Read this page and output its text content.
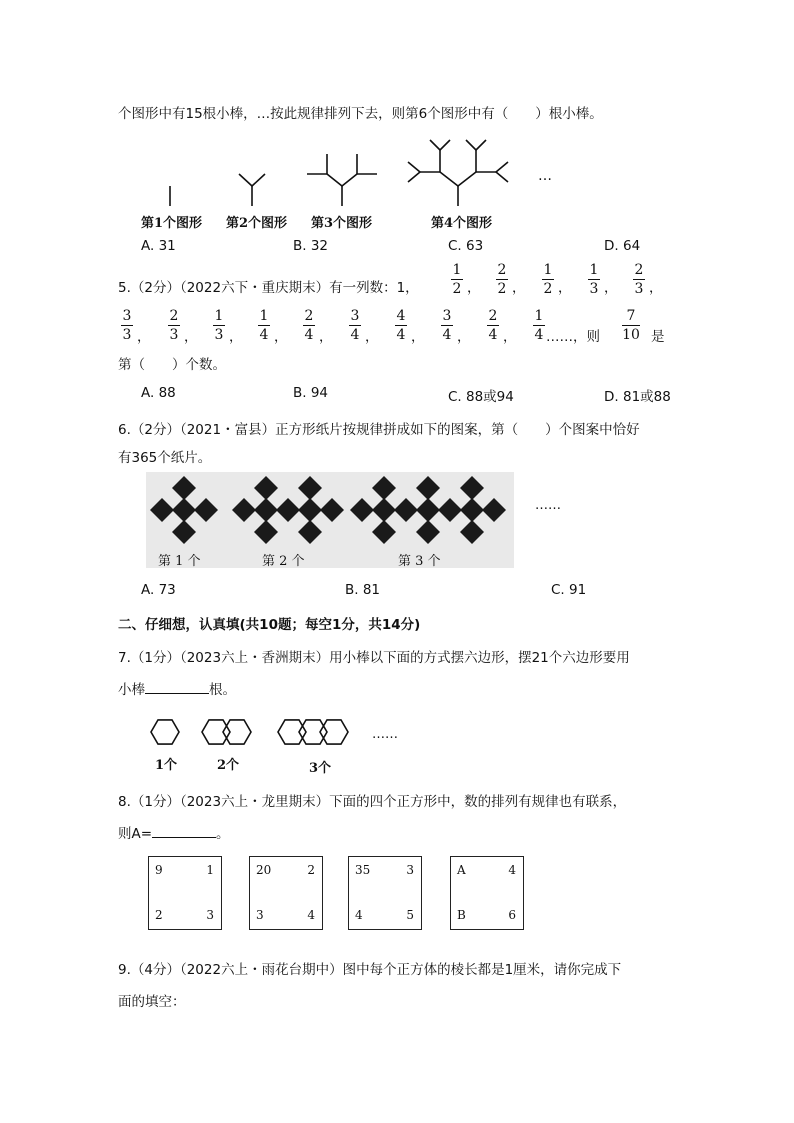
个图形中有15根小棒，…按此规律排列下去，则第6个图形中有（　　）根小棒。
…
第1个图形 第2个图形 第3个图形	第4个图形
A. 31	B. 32	C. 63	D. 64
5.（2分）（2022六下・重庆期末）有一列数：1，
1
2 ，
2
2 ，
1
2 ，
1
3 ，
2
3 ，
3
3 ，
2
3 ，
1
3 ，
1
4 ，
2
4 ，
3
4 ，
4
4 ，
3
4 ，
2
4 ，
1
4 ……，则
7
10 是
第（　　）个数。
A. 88	B. 94	C. 88或94	D. 81或88
6.（2分）（2021・富县）正方形纸片按规律拼成如下的图案，第（　　）个图案中恰好
有365个纸片。
……
第 1 个	第 2 个	第 3 个
A. 73	B. 81	C. 91
二、仔细想，认真填(共10题；每空1分，共14分)
7.（1分）（2023六上・香洲期末）用小棒以下面的方式摆六边形，摆21个六边形要用
小棒	根。
……
1个	2个	3个
8.（1分）（2023六上・龙里期末）下面的四个正方形中，数的排列有规律也有联系，
则A=	。
9	1
2	3
20	2
3	4
35	3
4	5
A	4
B	6
9.（4分）（2022六上・雨花台期中）图中每个正方体的棱长都是1厘米，请你完成下
面的填空：
